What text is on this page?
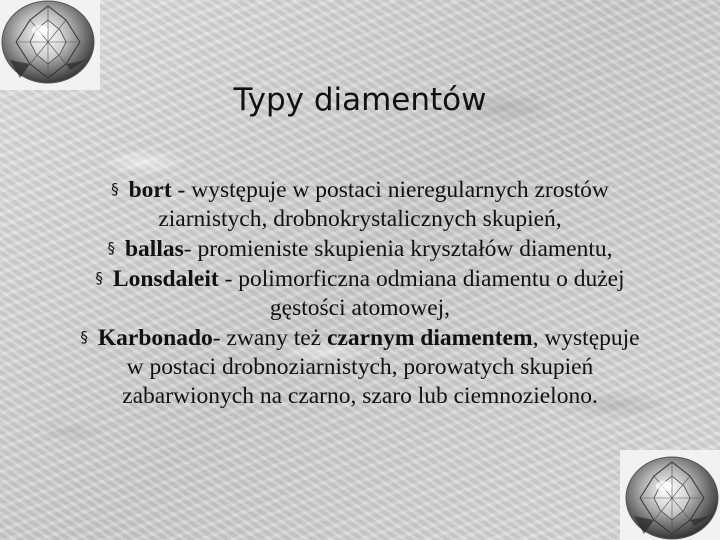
Typy diamentów

§ bort - występuje w postaci nieregularnych zrostów
ziarnistych, drobnokrystalicznych skupień,

§ ballas- promieniste skupienia kryształów diamentu,

§ Lonsdaleit - polimorficzna odmiana diamentu o dużej
gęstości atomowej,

§ Karbonado- zwany też czarnym diamentem, występuje
w postaci drobnoziarnistych, porowatych skupień
zabarwionych na czarno, szaro lub ciemnozielono.
